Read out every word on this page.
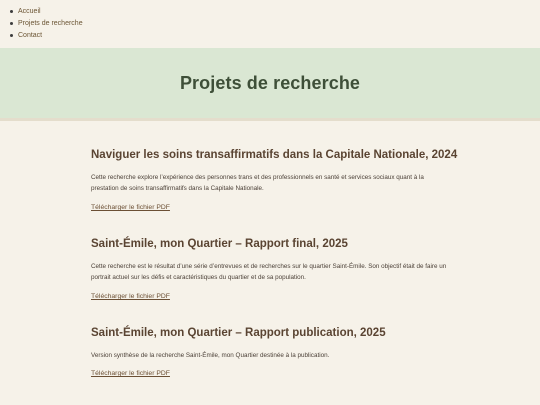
Accueil
Projets de recherche
Contact
Projets de recherche
Naviguer les soins transaffirmatifs dans la Capitale Nationale, 2024

Cette recherche explore l’expérience des personnes trans et des professionnels en santé et services sociaux quant à la prestation de soins transaffirmatifs dans la Capitale Nationale.

Télécharger le fichier PDF
Saint-Émile, mon Quartier – Rapport final, 2025

Cette recherche est le résultat d’une série d’entrevues et de recherches sur le quartier Saint-Émile. Son objectif était de faire un portrait actuel sur les défis et caractéristiques du quartier et de sa population.

Télécharger le fichier PDF
Saint-Émile, mon Quartier – Rapport publication, 2025

Version synthèse de la recherche Saint-Émile, mon Quartier destinée à la publication.

Télécharger le fichier PDF
